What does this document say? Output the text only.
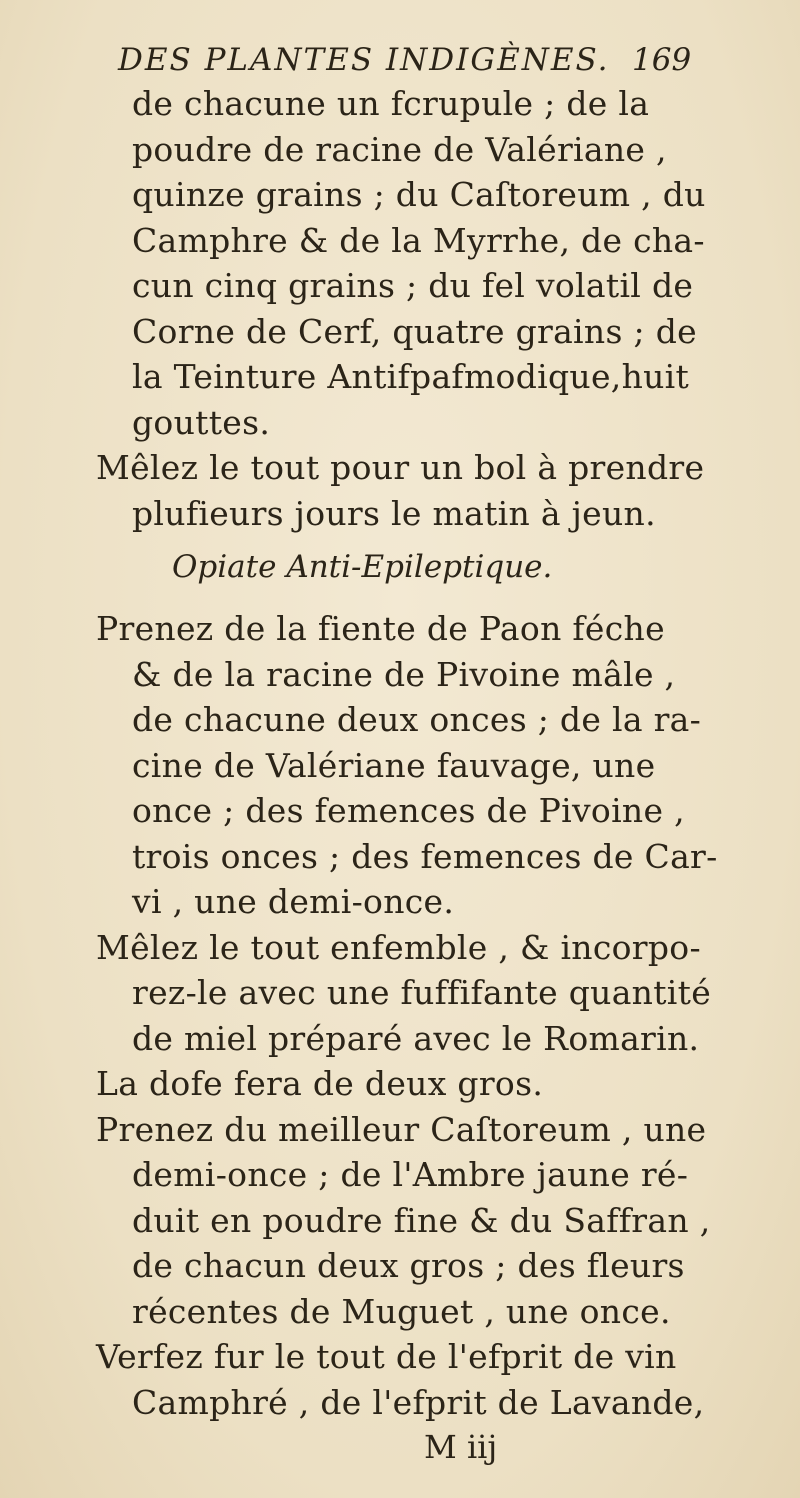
DES PLANTES INDIGÈNES. 169
Opiate Anti-Epileptique.
de chacune un fcrupule ; de la
poudre de racine de Valériane ,
quinze grains ; du Caſtoreum , du
Camphre & de la Myrrhe, de cha-
cun cinq grains ; du fel volatil de
Corne de Cerf, quatre grains ; de
la Teinture Antifpafmodique,huit
gouttes.
Mêlez le tout pour un bol à prendre
plufieurs jours le matin à jeun.
Prenez de la fiente de Paon féche
& de la racine de Pivoine mâle ,
de chacune deux onces ; de la ra-
cine de Valériane fauvage, une
once ; des femences de Pivoine ,
trois onces ; des femences de Car-
vi , une demi-once.
Mêlez le tout enfemble , & incorpo-
rez-le avec une fuffifante quantité
de miel préparé avec le Romarin.
La dofe fera de deux gros.
Prenez du meilleur Caſtoreum , une
demi-once ; de l'Ambre jaune ré-
duit en poudre fine & du Saffran ,
de chacun deux gros ; des fleurs
récentes de Muguet , une once.
Verfez fur le tout de l'efprit de vin
Camphré , de l'efprit de Lavande,
M iij
